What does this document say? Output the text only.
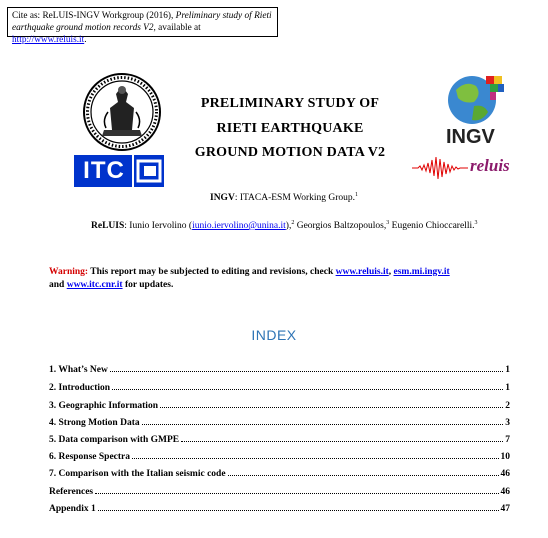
Cite as: ReLUIS-INGV Workgroup (2016), Preliminary study of Rieti earthquake ground motion records V2, available at http://www.reluis.it.
ITC
PRELIMINARY STUDY OF
RIETI EARTHQUAKE
GROUND MOTION DATA V2
INGV
reluis
INGV: ITACA-ESM Working Group.$^1$
ReLUIS: Iunio Iervolino (iunio.iervolino@unina.it),$^2$ Georgios Baltzopoulos,$^3$ Eugenio Chioccarelli.$^3$
Warning: This report may be subjected to editing and revisions, check www.reluis.it, esm.mi.ingv.it
and www.itc.cnr.it for updates.
INDEX
1. What’s New	1
2. Introduction	1
3. Geographic Information	2
4. Strong Motion Data	3
5. Data comparison with GMPE	7
6. Response Spectra	10
7. Comparison with the Italian seismic code	46
References	46
Appendix 1	47
